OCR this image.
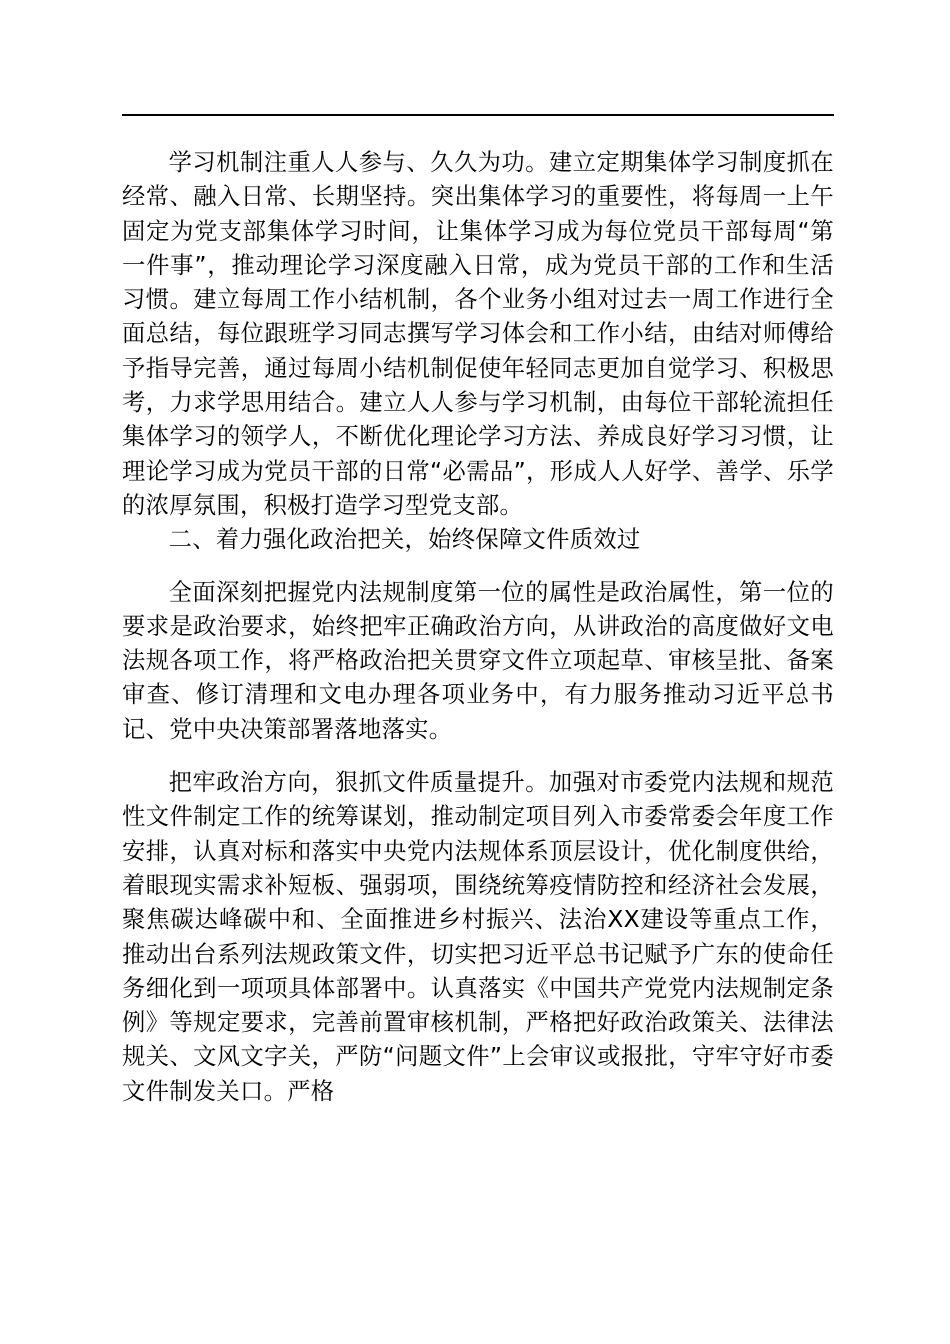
学习机制注重人人参与、久久为功。建立定期集体学习制度抓在经常、融入日常、长期坚持。突出集体学习的重要性，将每周一上午固定为党支部集体学习时间，让集体学习成为每位党员干部每周“第一件事”，推动理论学习深度融入日常，成为党员干部的工作和生活习惯。建立每周工作小结机制，各个业务小组对过去一周工作进行全面总结，每位跟班学习同志撰写学习体会和工作小结，由结对师傅给予指导完善，通过每周小结机制促使年轻同志更加自觉学习、积极思考，力求学思用结合。建立人人参与学习机制，由每位干部轮流担任集体学习的领学人，不断优化理论学习方法、养成良好学习习惯，让理论学习成为党员干部的日常“必需品”，形成人人好学、善学、乐学的浓厚氛围，积极打造学习型党支部。

二、着力强化政治把关，始终保障文件质效过

全面深刻把握党内法规制度第一位的属性是政治属性，第一位的要求是政治要求，始终把牢正确政治方向，从讲政治的高度做好文电法规各项工作，将严格政治把关贯穿文件立项起草、审核呈批、备案审查、修订清理和文电办理各项业务中，有力服务推动习近平总书记、党中央决策部署落地落实。

把牢政治方向，狠抓文件质量提升。加强对市委党内法规和规范性文件制定工作的统筹谋划，推动制定项目列入市委常委会年度工作安排，认真对标和落实中央党内法规体系顶层设计，优化制度供给，着眼现实需求补短板、强弱项，围绕统筹疫情防控和经济社会发展，聚焦碳达峰碳中和、全面推进乡村振兴、法治XX建设等重点工作，推动出台系列法规政策文件，切实把习近平总书记赋予广东的使命任务细化到一项项具体部署中。认真落实《中国共产党党内法规制定条例》等规定要求，完善前置审核机制，严格把好政治政策关、法律法规关、文风文字关，严防“问题文件”上会审议或报批，守牢守好市委文件制发关口。严格
